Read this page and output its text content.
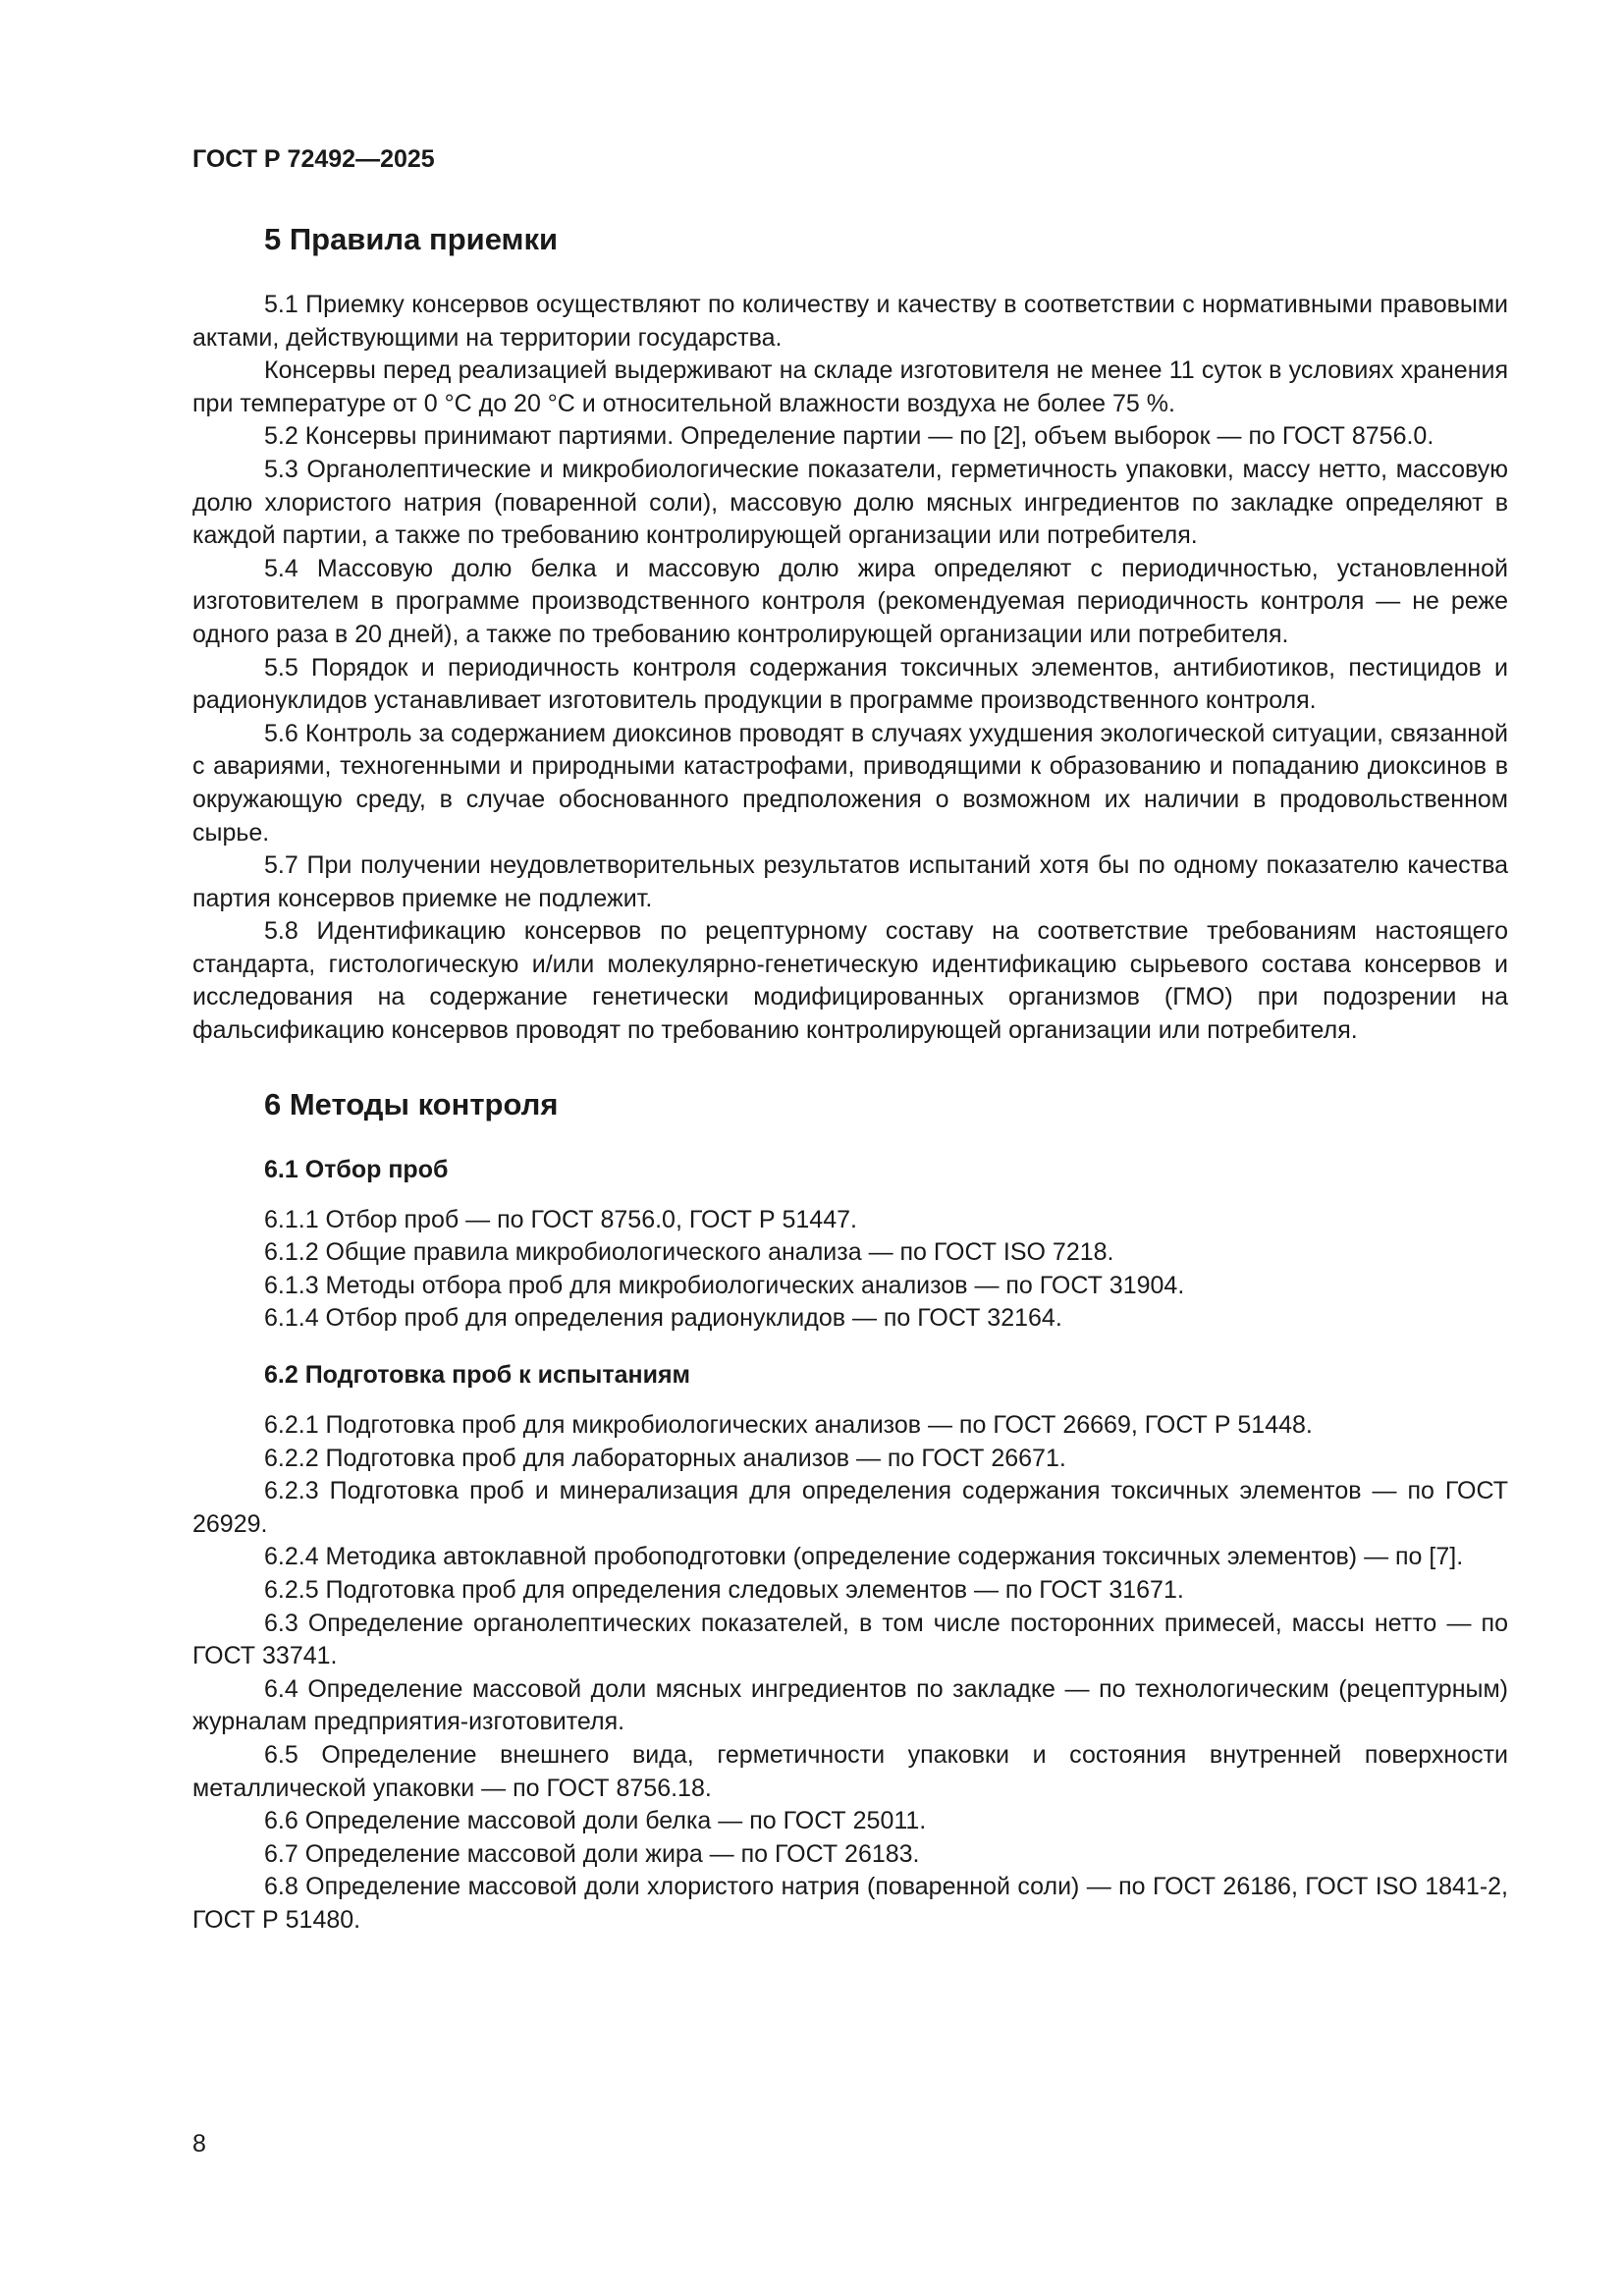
ГОСТ Р 72492—2025
5 Правила приемки

5.1 Приемку консервов осуществляют по количеству и качеству в соответствии с нормативными правовыми актами, действующими на территории государства.

Консервы перед реализацией выдерживают на складе изготовителя не менее 11 суток в условиях хранения при температуре от 0 °С до 20 °С и относительной влажности воздуха не более 75 %.

5.2 Консервы принимают партиями. Определение партии — по [2], объем выборок — по ГОСТ 8756.0.

5.3 Органолептические и микробиологические показатели, герметичность упаковки, массу нетто, массовую долю хлористого натрия (поваренной соли), массовую долю мясных ингредиентов по закладке определяют в каждой партии, а также по требованию контролирующей организации или потребителя.

5.4 Массовую долю белка и массовую долю жира определяют с периодичностью, установленной изготовителем в программе производственного контроля (рекомендуемая периодичность контроля — не реже одного раза в 20 дней), а также по требованию контролирующей организации или потребителя.

5.5 Порядок и периодичность контроля содержания токсичных элементов, антибиотиков, пестицидов и радионуклидов устанавливает изготовитель продукции в программе производственного контроля.

5.6 Контроль за содержанием диоксинов проводят в случаях ухудшения экологической ситуации, связанной с авариями, техногенными и природными катастрофами, приводящими к образованию и попаданию диоксинов в окружающую среду, в случае обоснованного предположения о возможном их наличии в продовольственном сырье.

5.7 При получении неудовлетворительных результатов испытаний хотя бы по одному показателю качества партия консервов приемке не подлежит.

5.8 Идентификацию консервов по рецептурному составу на соответствие требованиям настоящего стандарта, гистологическую и/или молекулярно-генетическую идентификацию сырьевого состава консервов и исследования на содержание генетически модифицированных организмов (ГМО) при подозрении на фальсификацию консервов проводят по требованию контролирующей организации или потребителя.

6 Методы контроля
6.1 Отбор проб

6.1.1 Отбор проб — по ГОСТ 8756.0, ГОСТ Р 51447.

6.1.2 Общие правила микробиологического анализа — по ГОСТ ISO 7218.

6.1.3 Методы отбора проб для микробиологических анализов — по ГОСТ 31904.

6.1.4 Отбор проб для определения радионуклидов — по ГОСТ 32164.

6.2 Подготовка проб к испытаниям

6.2.1 Подготовка проб для микробиологических анализов — по ГОСТ 26669, ГОСТ Р 51448.

6.2.2 Подготовка проб для лабораторных анализов — по ГОСТ 26671.

6.2.3 Подготовка проб и минерализация для определения содержания токсичных элементов — по ГОСТ 26929.

6.2.4 Методика автоклавной пробоподготовки (определение содержания токсичных элементов) — по [7].

6.2.5 Подготовка проб для определения следовых элементов — по ГОСТ 31671.

6.3 Определение органолептических показателей, в том числе посторонних примесей, массы нетто — по ГОСТ 33741.

6.4 Определение массовой доли мясных ингредиентов по закладке — по технологическим (рецептурным) журналам предприятия-изготовителя.

6.5 Определение внешнего вида, герметичности упаковки и состояния внутренней поверхности металлической упаковки — по ГОСТ 8756.18.

6.6 Определение массовой доли белка — по ГОСТ 25011.

6.7 Определение массовой доли жира — по ГОСТ 26183.

6.8 Определение массовой доли хлористого натрия (поваренной соли) — по ГОСТ 26186, ГОСТ ISO 1841-2, ГОСТ Р 51480.

8
